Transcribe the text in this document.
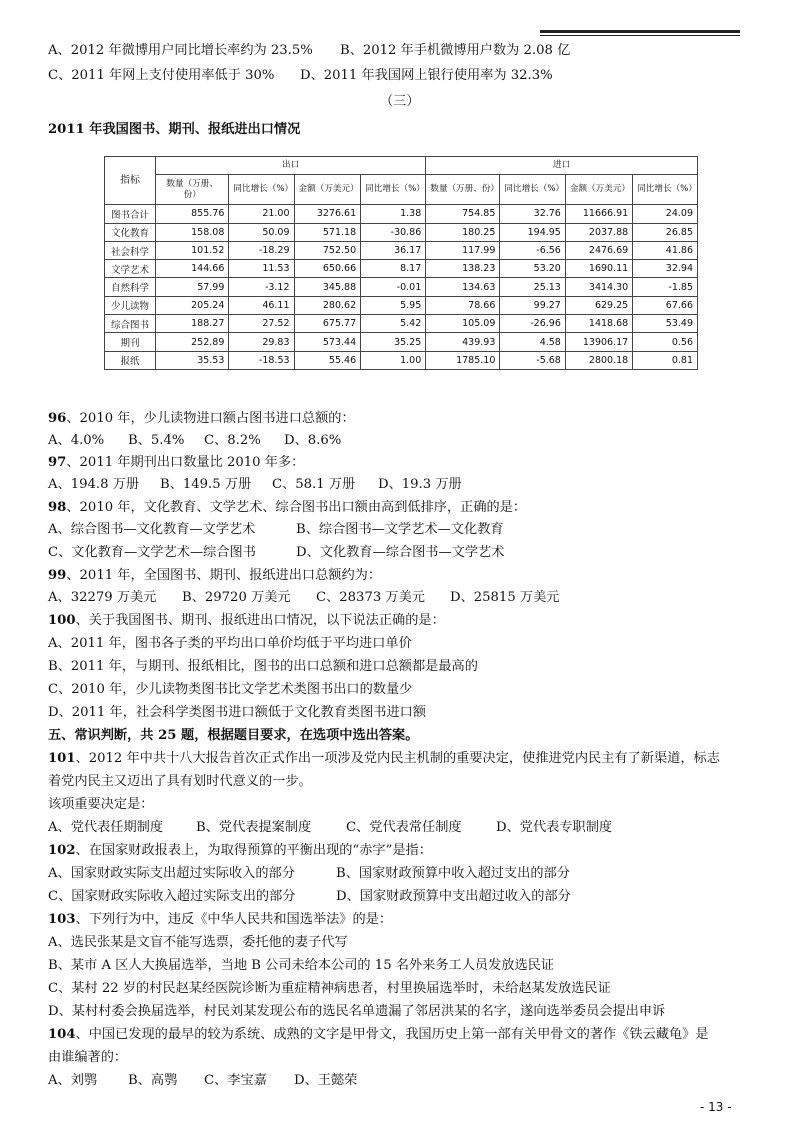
A、2012 年微博用户同比增长率约为 23.5% B、2012 年手机微博用户数为 2.08 亿
C、2011 年网上支付使用率低于 30% D、2011 年我国网上银行使用率为 32.3%
（三）
2011 年我国图书、期刊、报纸进出口情况
指标	出口				进口			
	数量（万册、份）	同比增长（%）	金额（万美元）	同比增长（%）	数量（万册、份）	同比增长（%）	金额（万美元）	同比增长（%）
图书合计	855.76	21.00	3276.61	1.38	754.85	32.76	11666.91	24.09
文化教育	158.08	50.09	571.18	-30.86	180.25	194.95	2037.88	26.85
社会科学	101.52	-18.29	752.50	36.17	117.99	-6.56	2476.69	41.86
文学艺术	144.66	11.53	650.66	8.17	138.23	53.20	1690.11	32.94
自然科学	57.99	-3.12	345.88	-0.01	134.63	25.13	3414.30	-1.85
少儿读物	205.24	46.11	280.62	5.95	78.66	99.27	629.25	67.66
综合图书	188.27	27.52	675.77	5.42	105.09	-26.96	1418.68	53.49
期刊	252.89	29.83	573.44	35.25	439.93	4.58	13906.17	0.56
报纸	35.53	-18.53	55.46	1.00	1785.10	-5.68	2800.18	0.81
96、2010 年，少儿读物进口额占图书进口总额的：
A、4.0% B、5.4% C、8.2% D、8.6%
97、2011 年期刊出口数量比 2010 年多：
A、194.8 万册 B、149.5 万册 C、58.1 万册 D、19.3 万册
98、2010 年，文化教育、文学艺术、综合图书出口额由高到低排序，正确的是：
A、综合图书—文化教育—文学艺术	B、综合图书—文学艺术—文化教育
C、文化教育—文学艺术—综合图书	D、文化教育—综合图书—文学艺术
99、2011 年，全国图书、期刊、报纸进出口总额约为：
A、32279 万美元 B、29720 万美元 C、28373 万美元 D、25815 万美元
100、关于我国图书、期刊、报纸进出口情况，以下说法正确的是：
A、2011 年，图书各子类的平均出口单价均低于平均进口单价
B、2011 年，与期刊、报纸相比，图书的出口总额和进口总额都是最高的
C、2010 年，少儿读物类图书比文学艺术类图书出口的数量少
D、2011 年，社会科学类图书进口额低于文化教育类图书进口额
五、常识判断，共 25 题，根据题目要求，在选项中选出答案。
101、2012 年中共十八大报告首次正式作出一项涉及党内民主机制的重要决定，使推进党内民主有了新渠道，标志
着党内民主又迈出了具有划时代意义的一步。
该项重要决定是：
A、党代表任期制度 B、党代表提案制度	C、党代表常任制度	D、党代表专职制度
102、在国家财政报表上，为取得预算的平衡出现的“赤字”是指：
A、国家财政实际支出超过实际收入的部分	B、国家财政预算中收入超过支出的部分
C、国家财政实际收入超过实际支出的部分	D、国家财政预算中支出超过收入的部分
103、下列行为中，违反《中华人民共和国选举法》的是：
A、选民张某是文盲不能写选票，委托他的妻子代写
B、某市 A 区人大换届选举，当地 B 公司未给本公司的 15 名外来务工人员发放选民证
C、某村 22 岁的村民赵某经医院诊断为重症精神病患者，村里换届选举时，未给赵某发放选民证
D、某村村委会换届选举，村民刘某发现公布的选民名单遗漏了邻居洪某的名字，遂向选举委员会提出申诉
104、中国已发现的最早的较为系统、成熟的文字是甲骨文，我国历史上第一部有关甲骨文的著作《铁云藏龟》是
由谁编著的：
A、刘鹗 B、高鹗 C、李宝嘉 D、王懿荣
- 13 -
